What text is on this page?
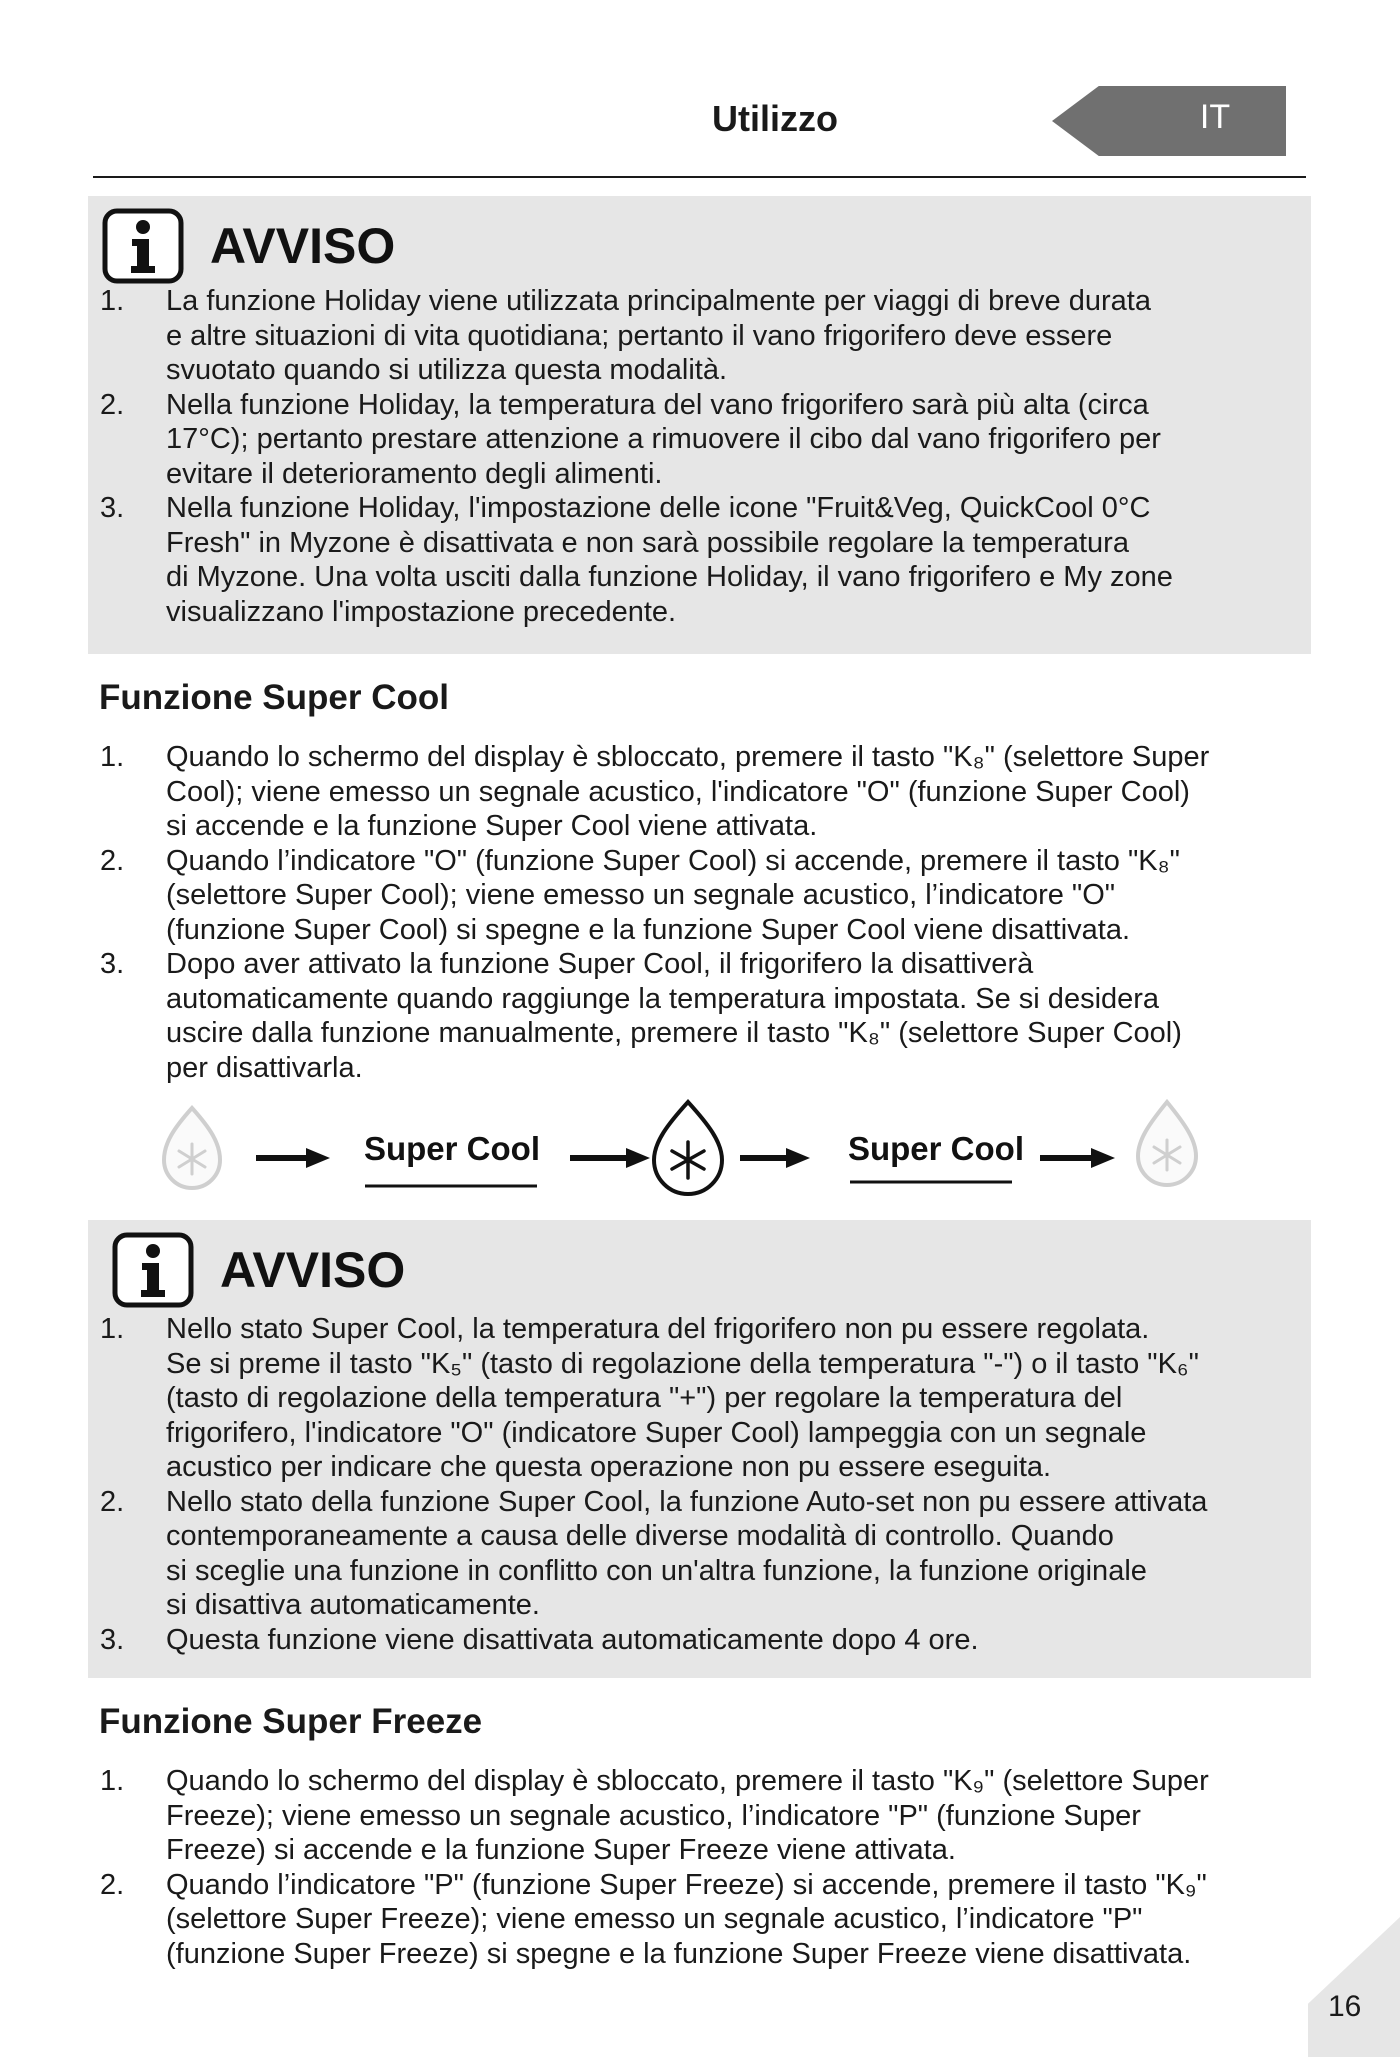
Utilizzo	IT
AVVISO
1. La funzione Holiday viene utilizzata principalmente per viaggi di breve durata
e altre situazioni di vita quotidiana; pertanto il vano frigorifero deve essere
svuotato quando si utilizza questa modalità.
2. Nella funzione Holiday, la temperatura del vano frigorifero sarà più alta (circa
17°C); pertanto prestare attenzione a rimuovere il cibo dal vano frigorifero per
evitare il deterioramento degli alimenti.
3. Nella funzione Holiday, l'impostazione delle icone "Fruit&Veg, QuickCool 0°C
Fresh" in Myzone è disattivata e non sarà possibile regolare la temperatura
di Myzone. Una volta usciti dalla funzione Holiday, il vano frigorifero e My zone
visualizzano l'impostazione precedente.
Funzione Super Cool
1. Quando lo schermo del display è sbloccato, premere il tasto "K₈" (selettore Super
Cool); viene emesso un segnale acustico, l'indicatore "O" (funzione Super Cool)
si accende e la funzione Super Cool viene attivata.
2. Quando l’indicatore "O" (funzione Super Cool) si accende, premere il tasto "K₈"
(selettore Super Cool); viene emesso un segnale acustico, l’indicatore "O"
(funzione Super Cool) si spegne e la funzione Super Cool viene disattivata.
3. Dopo aver attivato la funzione Super Cool, il frigorifero la disattiverà
automaticamente quando raggiunge la temperatura impostata. Se si desidera
uscire dalla funzione manualmente, premere il tasto "K₈" (selettore Super Cool)
per disattivarla.
Super Cool	Super Cool
AVVISO
1. Nello stato Super Cool, la temperatura del frigorifero non pu essere regolata.
Se si preme il tasto "K₅" (tasto di regolazione della temperatura "-") o il tasto "K₆"
(tasto di regolazione della temperatura "+") per regolare la temperatura del
frigorifero, l'indicatore "O" (indicatore Super Cool) lampeggia con un segnale
acustico per indicare che questa operazione non pu essere eseguita.
2. Nello stato della funzione Super Cool, la funzione Auto-set non pu essere attivata
contemporaneamente a causa delle diverse modalità di controllo. Quando
si sceglie una funzione in conflitto con un'altra funzione, la funzione originale
si disattiva automaticamente.
3. Questa funzione viene disattivata automaticamente dopo 4 ore.
Funzione Super Freeze
1. Quando lo schermo del display è sbloccato, premere il tasto "K₉" (selettore Super
Freeze); viene emesso un segnale acustico, l’indicatore "P" (funzione Super
Freeze) si accende e la funzione Super Freeze viene attivata.
2. Quando l’indicatore "P" (funzione Super Freeze) si accende, premere il tasto "K₉"
(selettore Super Freeze); viene emesso un segnale acustico, l’indicatore "P"
(funzione Super Freeze) si spegne e la funzione Super Freeze viene disattivata.
16
